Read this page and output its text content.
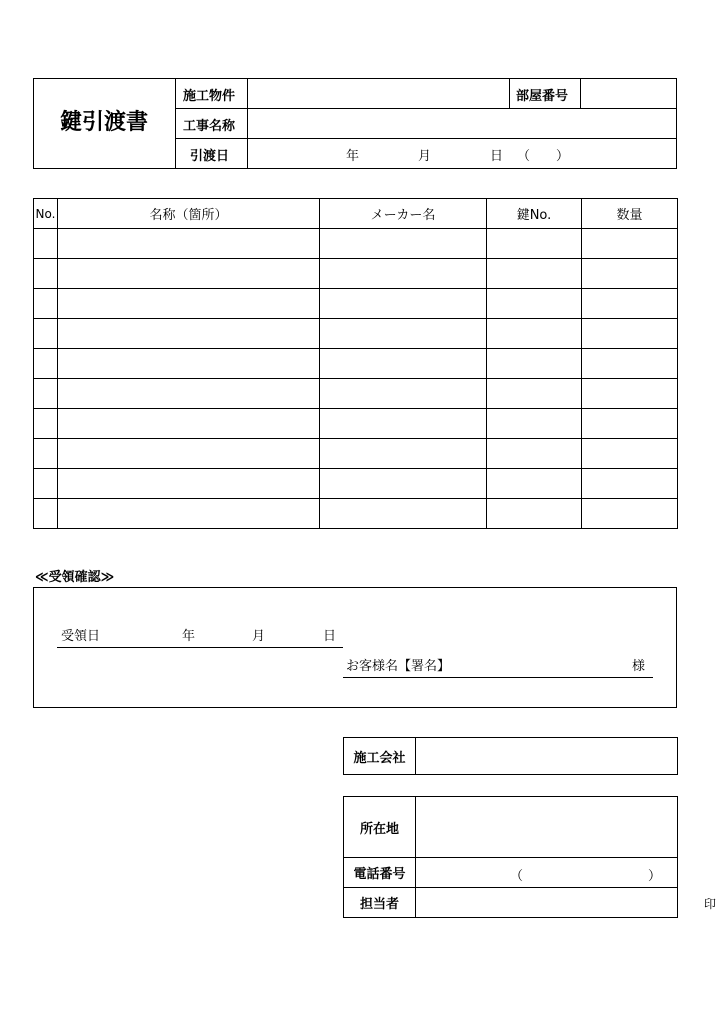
鍵引渡書
施工物件	部屋番号
工事名称
引渡日	年	月	日 （ ）
No.	名称（箇所）	メーカー名	鍵No.	数量

≪受領確認≫
受領日	年	月	日
お客様名【署名】	様
施工会社	
所在地	
電話番号	（ ）

担当者	印
